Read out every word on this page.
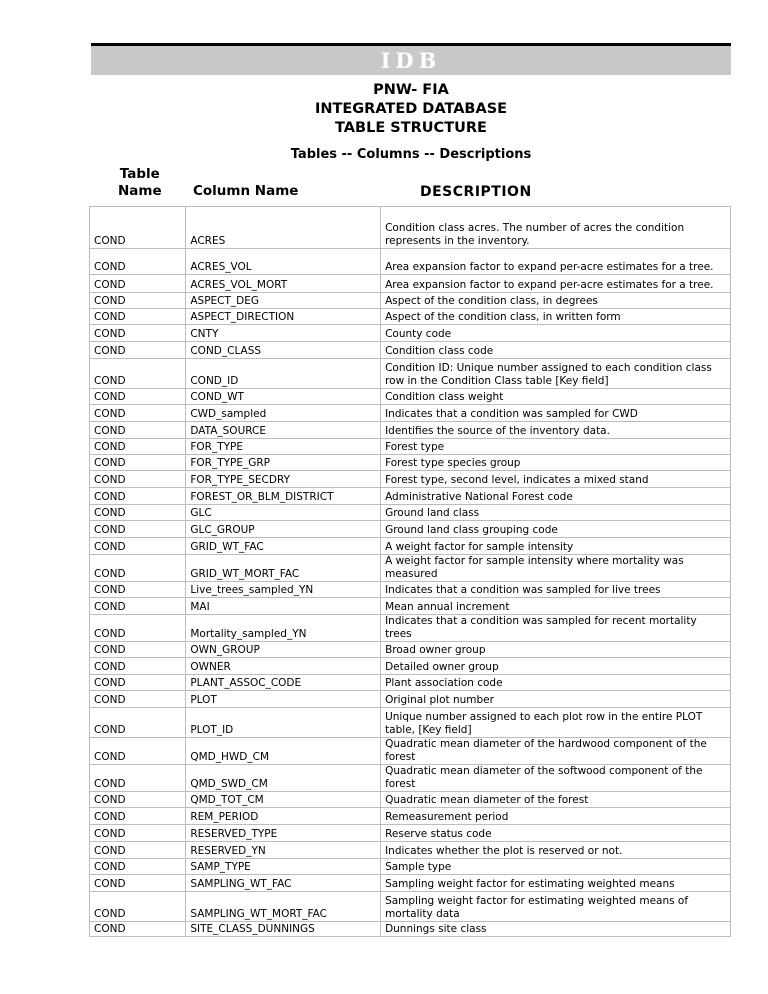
IDB
PNW- FIA
INTEGRATED DATABASE
TABLE STRUCTURE
Tables -- Columns -- Descriptions
Table
Name Column Name	DESCRIPTION
COND	ACRES	Condition class acres. The number of acres the condition represents in the inventory.
COND	ACRES_VOL	Area expansion factor to expand per-acre estimates for a tree.
COND	ACRES_VOL_MORT	Area expansion factor to expand per-acre estimates for a tree.
COND	ASPECT_DEG	Aspect of the condition class, in degrees
COND	ASPECT_DIRECTION	Aspect of the condition class, in written form
COND	CNTY	County code
COND	COND_CLASS	Condition class code
COND	COND_ID	Condition ID: Unique number assigned to each condition class row in the Condition Class table [Key field]
COND	COND_WT	Condition class weight
COND	CWD_sampled	Indicates that a condition was sampled for CWD
COND	DATA_SOURCE	Identifies the source of the inventory data.
COND	FOR_TYPE	Forest type
COND	FOR_TYPE_GRP	Forest type species group
COND	FOR_TYPE_SECDRY	Forest type, second level, indicates a mixed stand
COND	FOREST_OR_BLM_DISTRICT	Administrative National Forest code
COND	GLC	Ground land class
COND	GLC_GROUP	Ground land class grouping code
COND	GRID_WT_FAC	A weight factor for sample intensity
COND	GRID_WT_MORT_FAC	A weight factor for sample intensity where mortality was measured
COND	Live_trees_sampled_YN	Indicates that a condition was sampled for live trees
COND	MAI	Mean annual increment
COND	Mortality_sampled_YN	Indicates that a condition was sampled for recent mortality trees
COND	OWN_GROUP	Broad owner group
COND	OWNER	Detailed owner group
COND	PLANT_ASSOC_CODE	Plant association code
COND	PLOT	Original plot number
COND	PLOT_ID	Unique number assigned to each plot row in the entire PLOT table, [Key field]
COND	QMD_HWD_CM	Quadratic mean diameter of the hardwood component of the forest
COND	QMD_SWD_CM	Quadratic mean diameter of the softwood component of the forest
COND	QMD_TOT_CM	Quadratic mean diameter of the forest
COND	REM_PERIOD	Remeasurement period
COND	RESERVED_TYPE	Reserve status code
COND	RESERVED_YN	Indicates whether the plot is reserved or not.
COND	SAMP_TYPE	Sample type
COND	SAMPLING_WT_FAC	Sampling weight factor for estimating weighted means
COND	SAMPLING_WT_MORT_FAC	Sampling weight factor for estimating weighted means of mortality data
COND	SITE_CLASS_DUNNINGS	Dunnings site class
